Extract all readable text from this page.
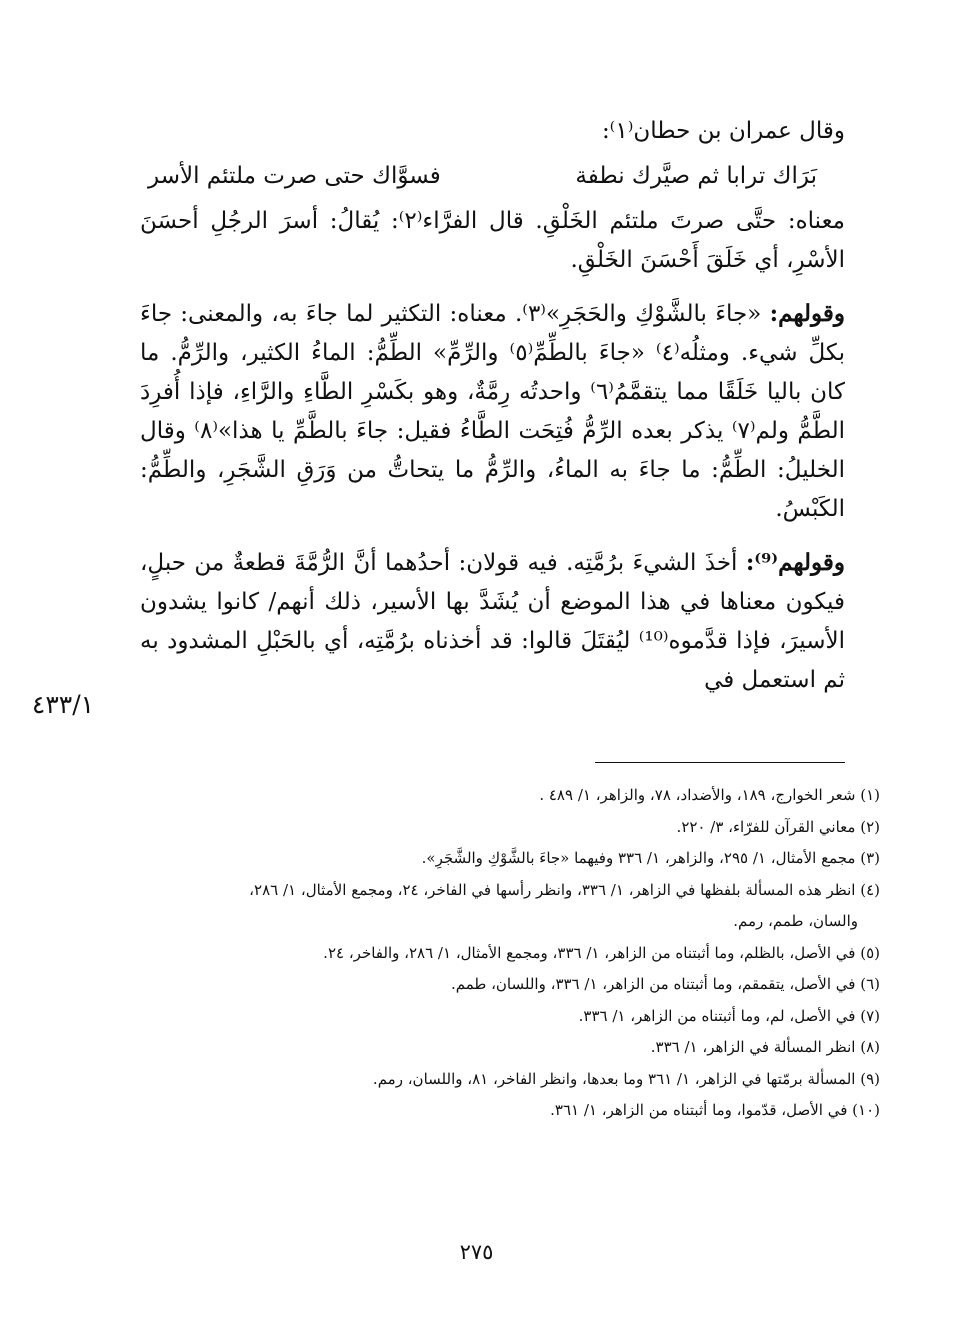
وقال عمران بن حطان⁽١⁾:

بَرَاك ترابا ثم صيَّرك نطفة
فسوَّاك حتى صرت ملتئم الأسر

معناه: حتَّى صرتَ ملتئم الخَلْقِ. قال الفرَّاء⁽٢⁾: يُقالُ: أسرَ الرجُلِ أحسَنَ الأسْرِ، أي خَلَقَ أَحْسَنَ الخَلْقِ.

وقولهم: «جاءَ بالشَّوْكِ والحَجَرِ»⁽٣⁾. معناه: التكثير لما جاءَ به، والمعنى: جاءَ بكلِّ شيء. ومثلُه⁽٤⁾ «جاءَ بالطِّمِّ⁽٥⁾ والرِّمِّ» الطِّمُّ: الماءُ الكثير، والرِّمُّ. ما كان باليا خَلَقًا مما يتقمَّمُ⁽٦⁾ واحدتُه رِمَّةٌ، وهو بكَسْرِ الطَّاءِ والرَّاءِ، فإذا أُفرِدَ الطَّمُّ ولم⁽٧⁾ يذكر بعده الرِّمُّ فُتِحَت الطَّاءُ فقيل: جاءَ بالطَّمِّ يا هذا»⁽٨⁾ وقال الخليلُ: الطِّمُّ: ما جاءَ به الماءُ، والرِّمُّ ما يتحاتُّ من وَرَقِ الشَّجَرِ، والطِّمُّ: الكَبْسُ.

وقولهم⁽⁹⁾: أخذَ الشيءَ برُمَّتِه. فيه قولان: أحدُهما أنَّ الرُّمَّةَ قطعةٌ من حبلٍ، فيكون معناها في هذا الموضع أن يُشَدَّ بها الأسير، ذلك أنهم/ كانوا يشدون الأسيرَ، فإذا قدَّموه⁽¹⁰⁾ ليُقتَلَ قالوا: قد أخذناه برُمَّتِه، أي بالحَبْلِ المشدود به ثم استعمل في

٤٣٣/١
(١) شعر الخوارج، ١٨٩، والأضداد، ٧٨، والزاهر، ١/ ٤٨٩ .
(٢) معاني القرآن للفرّاء، ٣/ ٢٢٠.
(٣) مجمع الأمثال، ١/ ٢٩٥، والزاهر، ١/ ٣٣٦ وفيهما «جاءَ بالشَّوْكِ والشَّجَرِ».
(٤) انظر هذه المسألة بلفظها في الزاهر، ١/ ٣٣٦، وانظر رأسها في الفاخر، ٢٤، ومجمع الأمثال، ١/ ٢٨٦،
والسان، طمم، رمم.
(٥) في الأصل، بالظلم، وما أثبتناه من الزاهر، ١/ ٣٣٦، ومجمع الأمثال، ١/ ٢٨٦، والفاخر، ٢٤.
(٦) في الأصل، يتقمقم، وما أثبتناه من الزاهر، ١/ ٣٣٦، واللسان، طمم.
(٧) في الأصل، لم، وما أثبتناه من الزاهر، ١/ ٣٣٦.
(٨) انظر المسألة في الزاهر، ١/ ٣٣٦.
(٩) المسألة برمّتها في الزاهر، ١/ ٣٦١ وما بعدها، وانظر الفاخر، ٨١، واللسان، رمم.
(١٠) في الأصل، قدّموا، وما أثبتناه من الزاهر، ١/ ٣٦١.
٢٧٥
